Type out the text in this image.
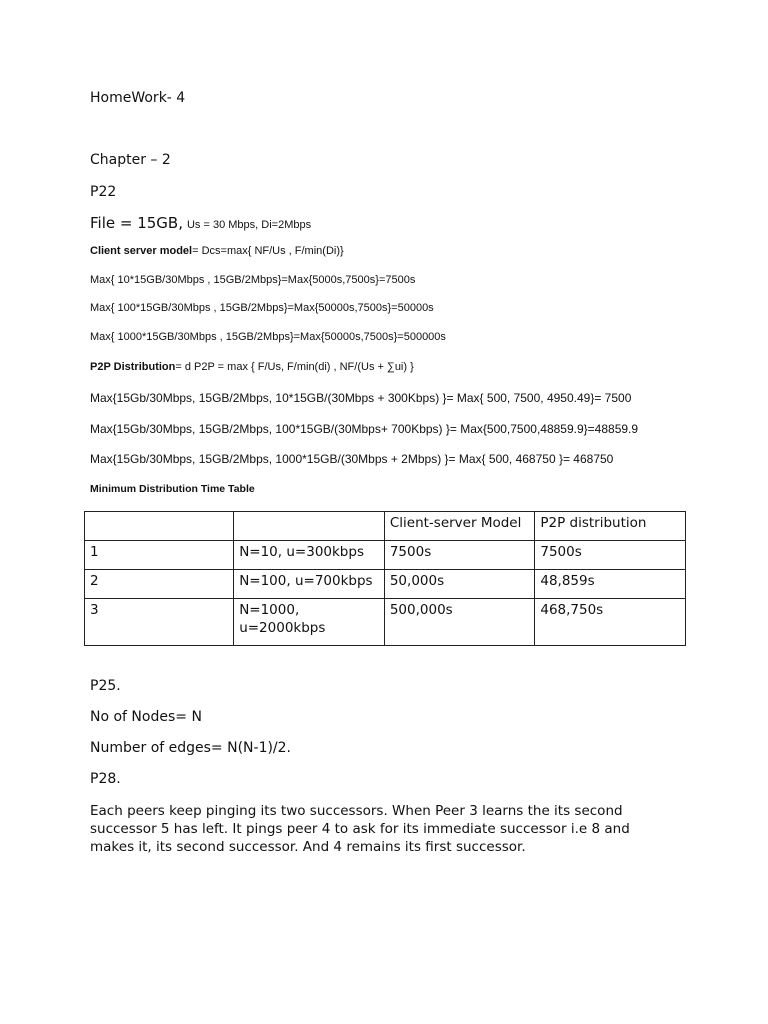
HomeWork- 4
Chapter – 2
P22
File = 15GB, Us = 30 Mbps, Di=2Mbps
Client server model= Dcs=max{ NF/Us , F/min(Di)}
Max{ 10*15GB/30Mbps , 15GB/2Mbps}=Max{5000s,7500s}=7500s
Max{ 100*15GB/30Mbps , 15GB/2Mbps}=Max{50000s,7500s}=50000s
Max{ 1000*15GB/30Mbps , 15GB/2Mbps}=Max{50000s,7500s}=500000s
P2P Distribution= d P2P = max { F/Us, F/min(di) , NF/(Us + ∑ui) }
Max{15Gb/30Mbps, 15GB/2Mbps, 10*15GB/(30Mbps + 300Kbps) }= Max{ 500, 7500, 4950.49}= 7500
Max{15Gb/30Mbps, 15GB/2Mbps, 100*15GB/(30Mbps+ 700Kbps) }= Max{500,7500,48859.9}=48859.9
Max{15Gb/30Mbps, 15GB/2Mbps, 1000*15GB/(30Mbps + 2Mbps) }= Max{ 500, 468750 }= 468750
Minimum Distribution Time Table
		Client-server Model	P2P distribution
1	N=10, u=300kbps	7500s	7500s
2	N=100, u=700kbps	50,000s	48,859s
3	N=1000, u=2000kbps	500,000s	468,750s
P25.
No of Nodes= N
Number of edges= N(N-1)/2.
P28.
Each peers keep pinging its two successors. When Peer 3 learns the its second successor 5 has left. It pings peer 4 to ask for its immediate successor i.e 8 and makes it, its second successor. And 4 remains its first successor.
